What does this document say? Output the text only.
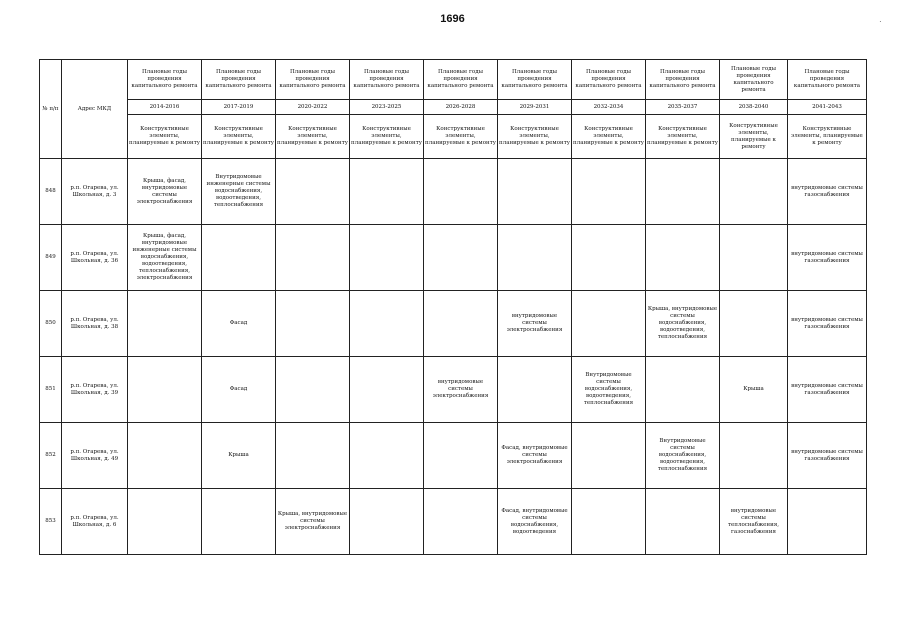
1696	·
№ п/п	Адрес МКД	Плановые годы проведения капитального ремонта	Плановые годы проведения капитального ремонта	Плановые годы проведения капитального ремонта	Плановые годы проведения капитального ремонта	Плановые годы проведения капитального ремонта	Плановые годы проведения капитального ремонта	Плановые годы проведения капитального ремонта	Плановые годы проведения капитального ремонта	Плановые годы проведения капитального ремонта	Плановые годы проведения капитального ремонта
		2014-2016	2017-2019	2020-2022	2023-2025	2026-2028	2029-2031	2032-2034	2035-2037	2038-2040	2041-2043
		Конструктивные элементы, планируемые к ремонту	Конструктивные элементы, планируемые к ремонту	Конструктивные элементы, планируемые к ремонту	Конструктивные элементы, планируемые к ремонту	Конструктивные элементы, планируемые к ремонту	Конструктивные элементы, планируемые к ремонту	Конструктивные элементы, планируемые к ремонту	Конструктивные элементы, планируемые к ремонту	Конструктивные элементы, планируемые к ремонту	Конструктивные элементы, планируемые к ремонту
848	р.п. Огарева, ул. Школьная, д. 3	Крыша, фасад, внутридомовые системы электроснабжения	Внутридомовые инженерные системы водоснабжения, водоотведения, теплоснабжения								внутридомовые системы газоснабжения
849	р.п. Огарева, ул. Школьная, д. 36	Крыша, фасад, внутридомовые инженерные системы водоснабжения, водоотведения, теплоснабжения, электроснабжения									внутридомовые системы газоснабжения
850	р.п. Огарева, ул. Школьная, д. 38		Фасад				внутридомовые системы электроснабжения		Крыша, внутридомовые системы водоснабжения, водоотведения, теплоснабжения		внутридомовые системы газоснабжения
851	р.п. Огарева, ул. Школьная, д. 39		Фасад			внутридомовые системы электроснабжения		Внутридомовые системы водоснабжения, водоотведения, теплоснабжения		Крыша	внутридомовые системы газоснабжения
852	р.п. Огарева, ул. Школьная, д. 49		Крыша				Фасад, внутридомовые системы электроснабжения		Внутридомовые системы водоснабжения, водоотведения, теплоснабжения		внутридомовые системы газоснабжения
853	р.п. Огарева, ул. Школьная, д. 6			Крыша, внутридомовые системы электроснабжения			Фасад, внутридомовые системы водоснабжения, водоотведения			внутридомовые системы теплоснабжения, газоснабжения	
